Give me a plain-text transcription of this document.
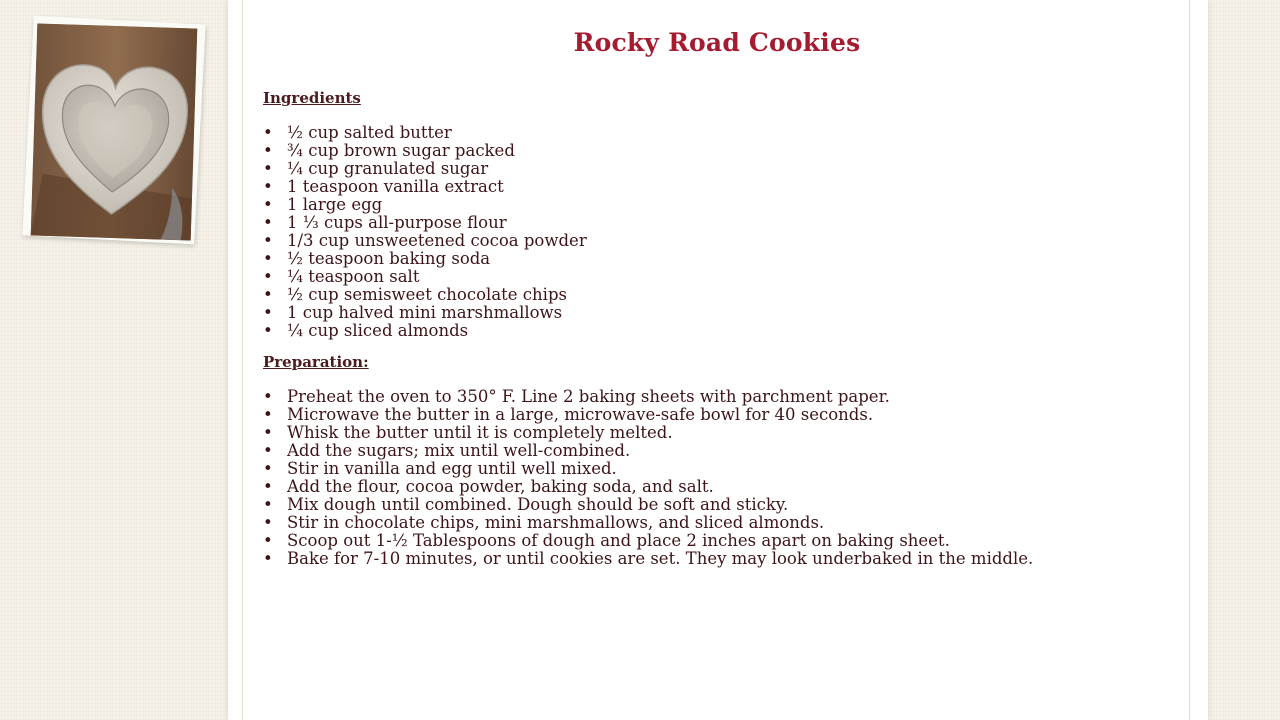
Rocky Road Cookies
Ingredients
• ½ cup salted butter
• ¾ cup brown sugar packed
• ¼ cup granulated sugar
• 1 teaspoon vanilla extract
• 1 large egg
• 1 ⅓ cups all-purpose flour
• 1/3 cup unsweetened cocoa powder
• ½ teaspoon baking soda
• ¼ teaspoon salt
• ½ cup semisweet chocolate chips
• 1 cup halved mini marshmallows
• ¼ cup sliced almonds
Preparation:
• Preheat the oven to 350° F. Line 2 baking sheets with parchment paper.
• Microwave the butter in a large, microwave-safe bowl for 40 seconds.
• Whisk the butter until it is completely melted.
• Add the sugars; mix until well-combined.
• Stir in vanilla and egg until well mixed.
• Add the flour, cocoa powder, baking soda, and salt.
• Mix dough until combined. Dough should be soft and sticky.
• Stir in chocolate chips, mini marshmallows, and sliced almonds.
• Scoop out 1-½ Tablespoons of dough and place 2 inches apart on baking sheet.
• Bake for 7-10 minutes, or until cookies are set. They may look underbaked in the middle.
